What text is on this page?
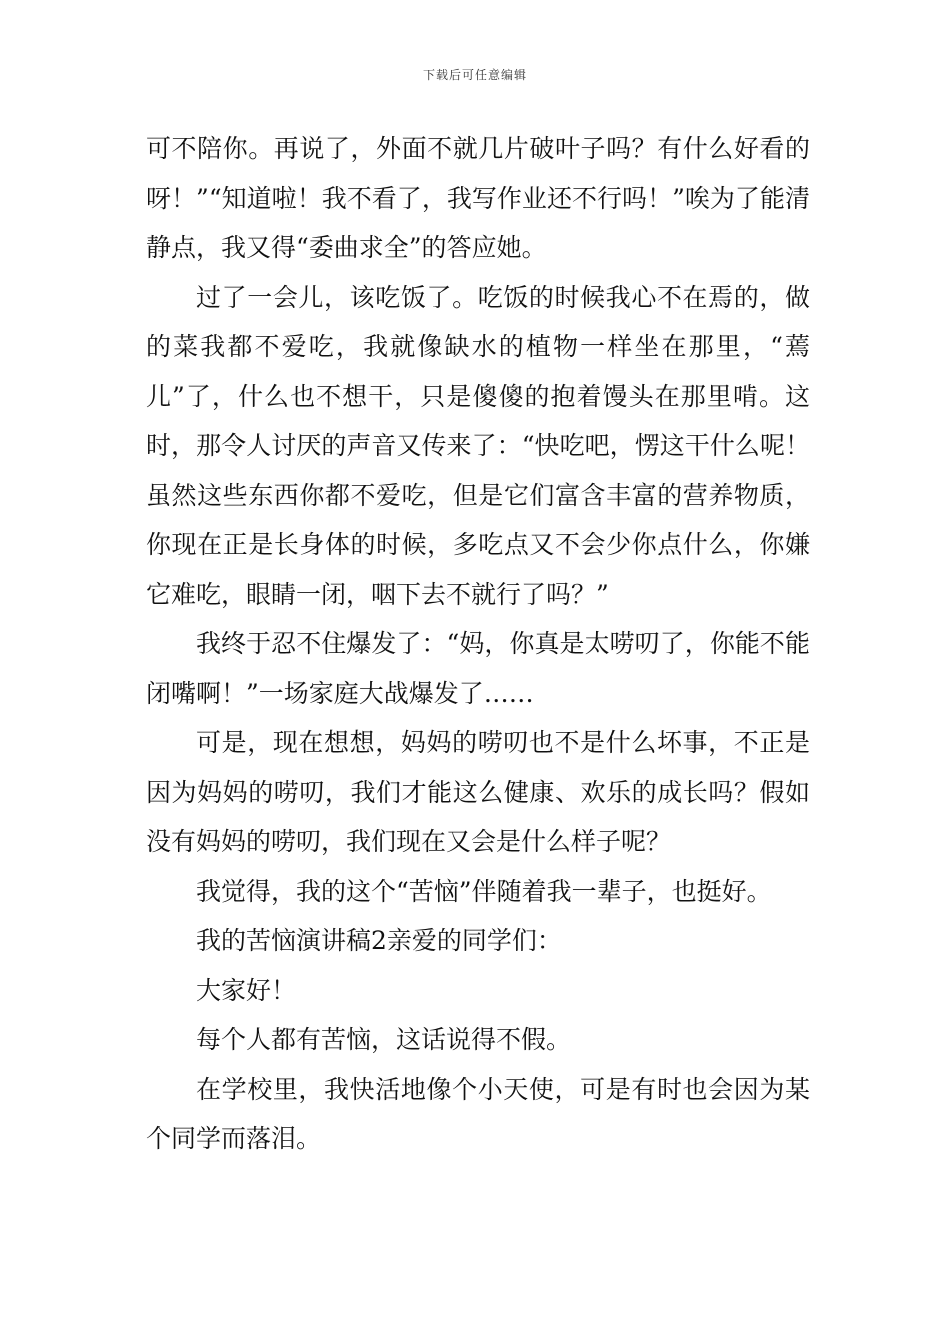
下载后可任意编辑

可不陪你。再说了，外面不就几片破叶子吗？有什么好看的呀！”“知道啦！我不看了，我写作业还不行吗！”唉为了能清静点，我又得“委曲求全”的答应她。

过了一会儿，该吃饭了。吃饭的时候我心不在焉的，做的菜我都不爱吃，我就像缺水的植物一样坐在那里，“蔫儿”了，什么也不想干，只是傻傻的抱着馒头在那里啃。这时，那令人讨厌的声音又传来了：“快吃吧，愣这干什么呢！虽然这些东西你都不爱吃，但是它们富含丰富的营养物质，你现在正是长身体的时候，多吃点又不会少你点什么，你嫌它难吃，眼睛一闭，咽下去不就行了吗？”

我终于忍不住爆发了：“妈，你真是太唠叨了，你能不能闭嘴啊！”一场家庭大战爆发了……

可是，现在想想，妈妈的唠叨也不是什么坏事，不正是因为妈妈的唠叨，我们才能这么健康、欢乐的成长吗？假如没有妈妈的唠叨，我们现在又会是什么样子呢？

我觉得，我的这个“苦恼”伴随着我一辈子，也挺好。

我的苦恼演讲稿2亲爱的同学们：

大家好！

每个人都有苦恼，这话说得不假。

在学校里，我快活地像个小天使，可是有时也会因为某个同学而落泪。
